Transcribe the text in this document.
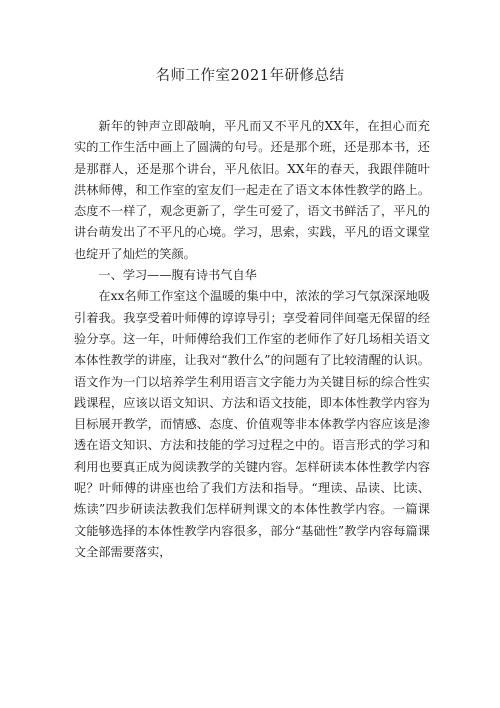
名师工作室2021年研修总结

新年的钟声立即敲响，平凡而又不平凡的XX年，在担心而充实的工作生活中画上了圆满的句号。还是那个班，还是那本书，还是那群人，还是那个讲台，平凡依旧。XX年的春天，我跟伴随叶洪林师傅，和工作室的室友们一起走在了语文本体性教学的路上。态度不一样了，观念更新了，学生可爱了，语文书鲜活了，平凡的讲台萌发出了不平凡的心境。学习，思索，实践，平凡的语文课堂也绽开了灿烂的笑颜。

一、学习——腹有诗书气自华

在xx名师工作室这个温暖的集中中，浓浓的学习气氛深深地吸引着我。我享受着叶师傅的谆谆导引；享受着同伴间毫无保留的经验分享。这一年，叶师傅给我们工作室的老师作了好几场相关语文本体性教学的讲座，让我对“教什么”的问题有了比较清醒的认识。语文作为一门以培养学生利用语言文字能力为关键目标的综合性实践课程，应该以语文知识、方法和语文技能，即本体性教学内容为目标展开教学，而情感、态度、价值观等非本体教学内容应该是渗透在语文知识、方法和技能的学习过程之中的。语言形式的学习和利用也要真正成为阅读教学的关键内容。怎样研读本体性教学内容呢？叶师傅的讲座也给了我们方法和指导。“理读、品读、比读、炼读”四步研读法教我们怎样研判课文的本体性教学内容。一篇课文能够选择的本体性教学内容很多，部分“基础性”教学内容每篇课文全部需要落实，
